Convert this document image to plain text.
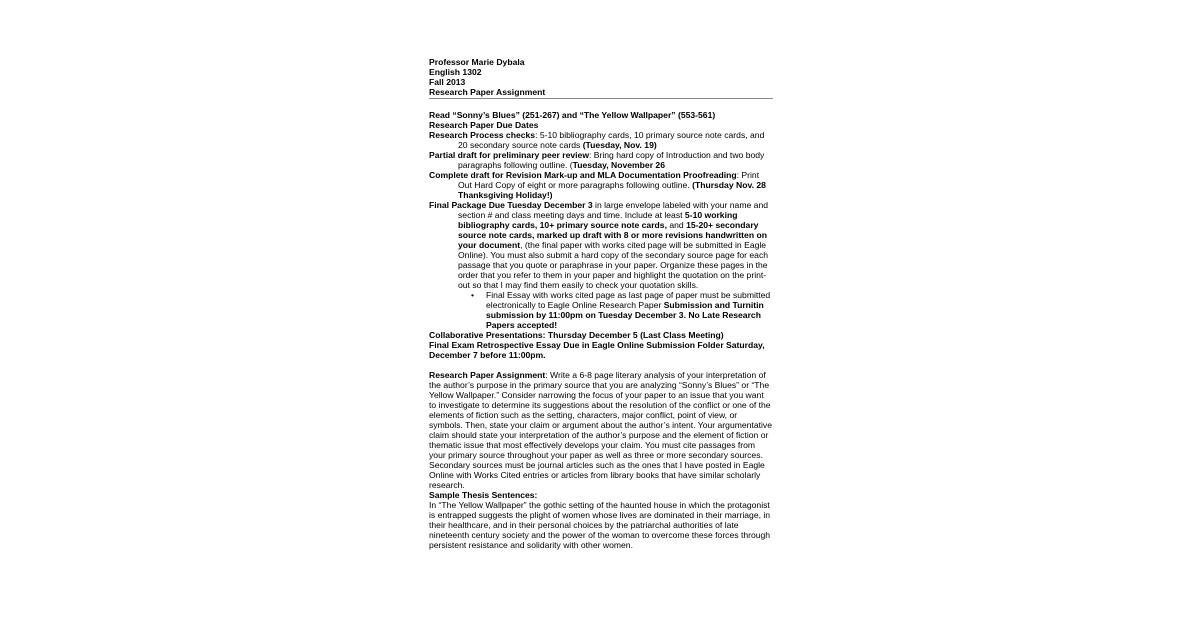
Professor Marie Dybala

English 1302

Fall 2013

Research Paper Assignment

Read “Sonny’s Blues” (251-267) and “The Yellow Wallpaper” (553-561)

Research Paper Due Dates

Research Process checks: 5-10 bibliography cards, 10 primary source note cards, and 20 secondary source note cards (Tuesday, Nov. 19)

Partial draft for preliminary peer review: Bring hard copy of Introduction and two body paragraphs following outline. (Tuesday, November 26

Complete draft for Revision Mark-up and MLA Documentation Proofreading: Print Out Hard Copy of eight or more paragraphs following outline. (Thursday Nov. 28 Thanksgiving Holiday!)

Final Package Due Tuesday December 3 in large envelope labeled with your name and section # and class meeting days and time. Include at least 5-10 working bibliography cards, 10+ primary source note cards, and 15-20+ secondary source note cards, marked up draft with 8 or more revisions handwritten on your document, (the final paper with works cited page will be submitted in Eagle Online). You must also submit a hard copy of the secondary source page for each passage that you quote or paraphrase in your paper. Organize these pages in the order that you refer to them in your paper and highlight the quotation on the print-out so that I may find them easily to check your quotation skills.

• Final Essay with works cited page as last page of paper must be submitted electronically to Eagle Online Research Paper Submission and Turnitin submission by 11:00pm on Tuesday December 3. No Late Research Papers accepted!

Collaborative Presentations: Thursday December 5 (Last Class Meeting)

Final Exam Retrospective Essay Due in Eagle Online Submission Folder Saturday, December 7 before 11:00pm.

Research Paper Assignment: Write a 6-8 page literary analysis of your interpretation of the author’s purpose in the primary source that you are analyzing “Sonny’s Blues” or “The Yellow Wallpaper.” Consider narrowing the focus of your paper to an issue that you want to investigate to determine its suggestions about the resolution of the conflict or one of the elements of fiction such as the setting, characters, major conflict, point of view, or symbols. Then, state your claim or argument about the author’s intent. Your argumentative claim should state your interpretation of the author’s purpose and the element of fiction or thematic issue that most effectively develops your claim. You must cite passages from your primary source throughout your paper as well as three or more secondary sources. Secondary sources must be journal articles such as the ones that I have posted in Eagle Online with Works Cited entries or articles from library books that have similar scholarly research.

Sample Thesis Sentences:

In “The Yellow Wallpaper” the gothic setting of the haunted house in which the protagonist is entrapped suggests the plight of women whose lives are dominated in their marriage, in their healthcare, and in their personal choices by the patriarchal authorities of late nineteenth century society and the power of the woman to overcome these forces through persistent resistance and solidarity with other women.
